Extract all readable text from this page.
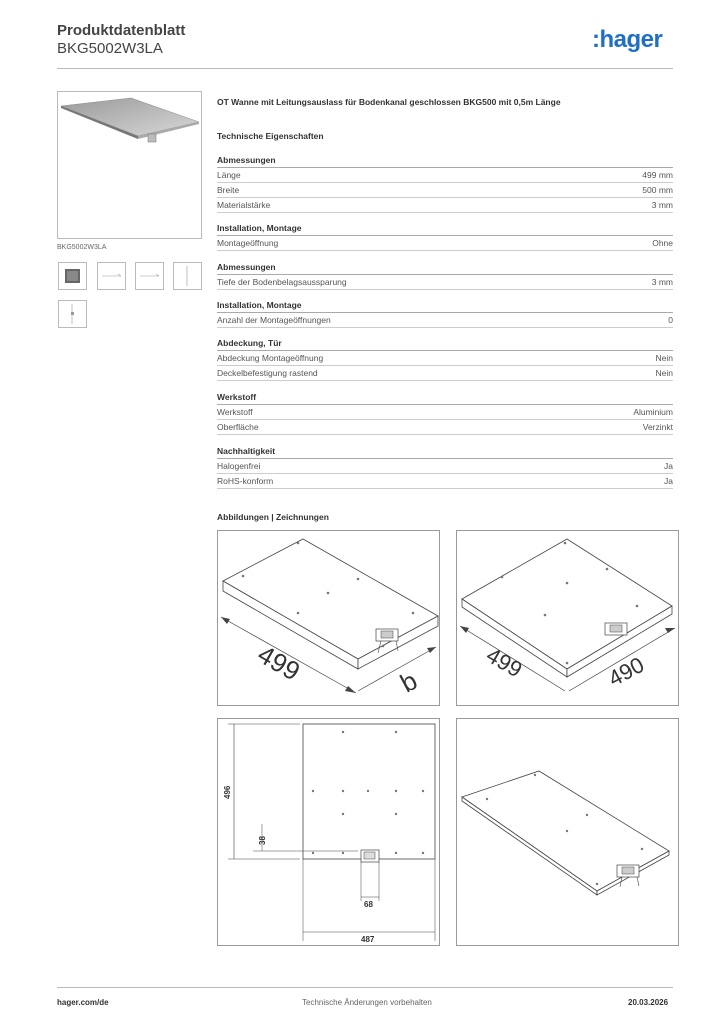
Produktdatenblatt
BKG5002W3LA	:hager
BKG5002W3LA
OT Wanne mit Leitungsauslass für Bodenkanal geschlossen BKG500 mit 0,5m Länge
Technische Eigenschaften
Abmessungen
Länge	499 mm
Breite	500 mm
Materialstärke	3 mm
Installation, Montage
Montageöffnung	Ohne
Abmessungen
Tiefe der Bodenbelagsaussparung	3 mm
Installation, Montage
Anzahl der Montageöffnungen	0
Abdeckung, Tür
Abdeckung Montageöffnung	Nein
Deckelbefestigung rastend	Nein
Werkstoff
Werkstoff	Aluminium
Oberfläche	Verzinkt
Nachhaltigkeit
Halogenfrei	Ja
RoHS-konform	Ja
Abbildungen | Zeichnungen
499	b	499	490
68
496
38
487
hager.com/de	Technische Änderungen vorbehalten	20.03.2026
